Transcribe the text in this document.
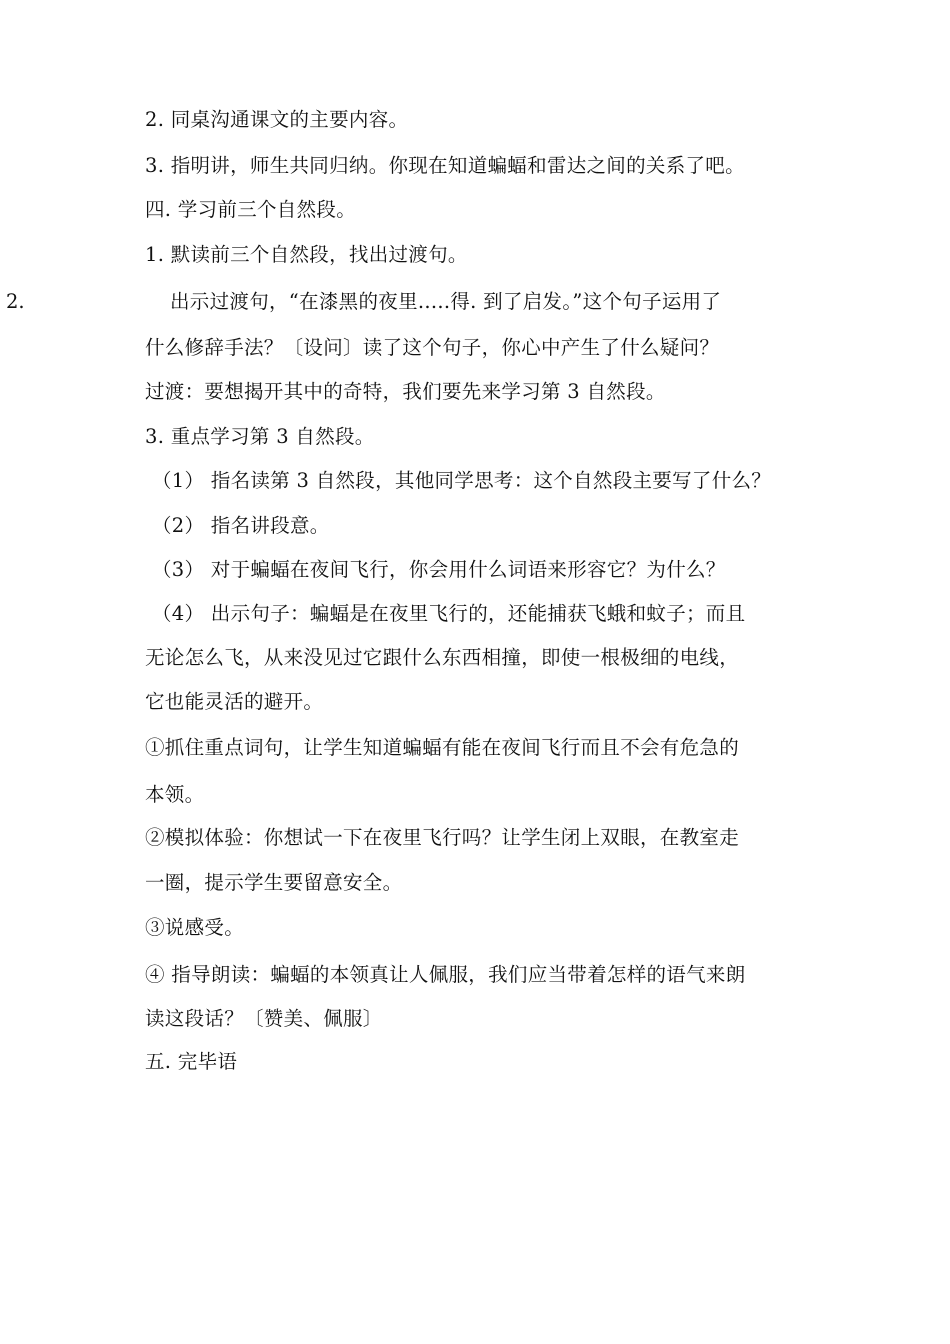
2.
2. 同桌沟通课文的主要内容。
3. 指明讲，师生共同归纳。你现在知道蝙蝠和雷达之间的关系了吧。
四. 学习前三个自然段。
1. 默读前三个自然段，找出过渡句。
出示过渡句，“在漆黑的夜里.....得. 到了启发。”这个句子运用了
什么修辞手法？〔设问〕读了这个句子，你心中产生了什么疑问？
过渡：要想揭开其中的奇特，我们要先来学习第 3 自然段。
3. 重点学习第 3 自然段。
（1） 指名读第 3 自然段，其他同学思考：这个自然段主要写了什么？
（2） 指名讲段意。
（3） 对于蝙蝠在夜间飞行，你会用什么词语来形容它？为什么？
（4） 出示句子：蝙蝠是在夜里飞行的，还能捕获飞蛾和蚊子；而且
无论怎么飞，从来没见过它跟什么东西相撞，即使一根极细的电线，
它也能灵活的避开。
①抓住重点词句，让学生知道蝙蝠有能在夜间飞行而且不会有危急的
本领。
②模拟体验：你想试一下在夜里飞行吗？让学生闭上双眼，在教室走
一圈，提示学生要留意安全。
③说感受。
④ 指导朗读：蝙蝠的本领真让人佩服，我们应当带着怎样的语气来朗
读这段话？〔赞美、佩服〕
五. 完毕语
